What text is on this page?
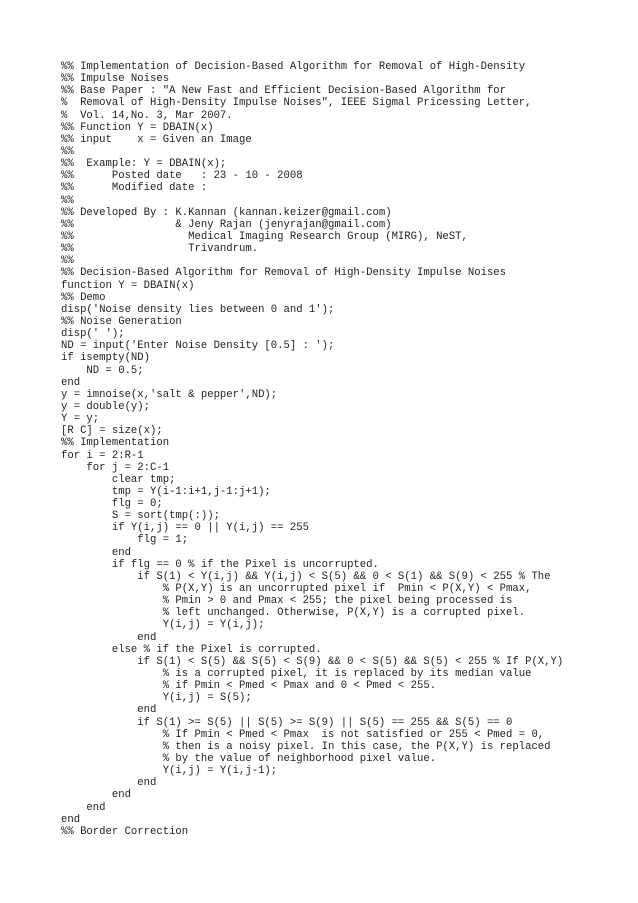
%% Implementation of Decision-Based Algorithm for Removal of High-Density
%% Impulse Noises
%% Base Paper : "A New Fast and Efficient Decision-Based Algorithm for
%  Removal of High-Density Impulse Noises", IEEE Sigmal Pricessing Letter,
%  Vol. 14,No. 3, Mar 2007.
%% Function Y = DBAIN(x)
%% input    x = Given an Image
%%
%%  Example: Y = DBAIN(x);
%%      Posted date   : 23 - 10 - 2008
%%      Modified date :
%%
%% Developed By : K.Kannan (kannan.keizer@gmail.com)
%%                & Jeny Rajan (jenyrajan@gmail.com)
%%                  Medical Imaging Research Group (MIRG), NeST,
%%                  Trivandrum.
%%
%% Decision-Based Algorithm for Removal of High-Density Impulse Noises
function Y = DBAIN(x)
%% Demo
disp('Noise density lies between 0 and 1');
%% Noise Generation
disp(' ');
ND = input('Enter Noise Density [0.5] : ');
if isempty(ND)
ND = 0.5;
end
y = imnoise(x,'salt & pepper',ND);
y = double(y);
Y = y;
[R C] = size(x);
%% Implementation
for i = 2:R-1
for j = 2:C-1
clear tmp;
tmp = Y(i-1:i+1,j-1:j+1);
flg = 0;
S = sort(tmp(:));
if Y(i,j) == 0 || Y(i,j) == 255
flg = 1;
end
if flg == 0 % if the Pixel is uncorrupted.
if S(1) < Y(i,j) && Y(i,j) < S(5) && 0 < S(1) && S(9) < 255 % The
% P(X,Y) is an uncorrupted pixel if  Pmin < P(X,Y) < Pmax,
% Pmin > 0 and Pmax < 255; the pixel being processed is
% left unchanged. Otherwise, P(X,Y) is a corrupted pixel.
Y(i,j) = Y(i,j);
end
else % if the Pixel is corrupted.
if S(1) < S(5) && S(5) < S(9) && 0 < S(5) && S(5) < 255 % If P(X,Y)
% is a corrupted pixel, it is replaced by its median value
% if Pmin < Pmed < Pmax and 0 < Pmed < 255.
Y(i,j) = S(5);
end
if S(1) >= S(5) || S(5) >= S(9) || S(5) == 255 && S(5) == 0
% If Pmin < Pmed < Pmax  is not satisfied or 255 < Pmed = 0,
% then is a noisy pixel. In this case, the P(X,Y) is replaced
% by the value of neighborhood pixel value.
Y(i,j) = Y(i,j-1);
end
end
end
end
%% Border Correction
